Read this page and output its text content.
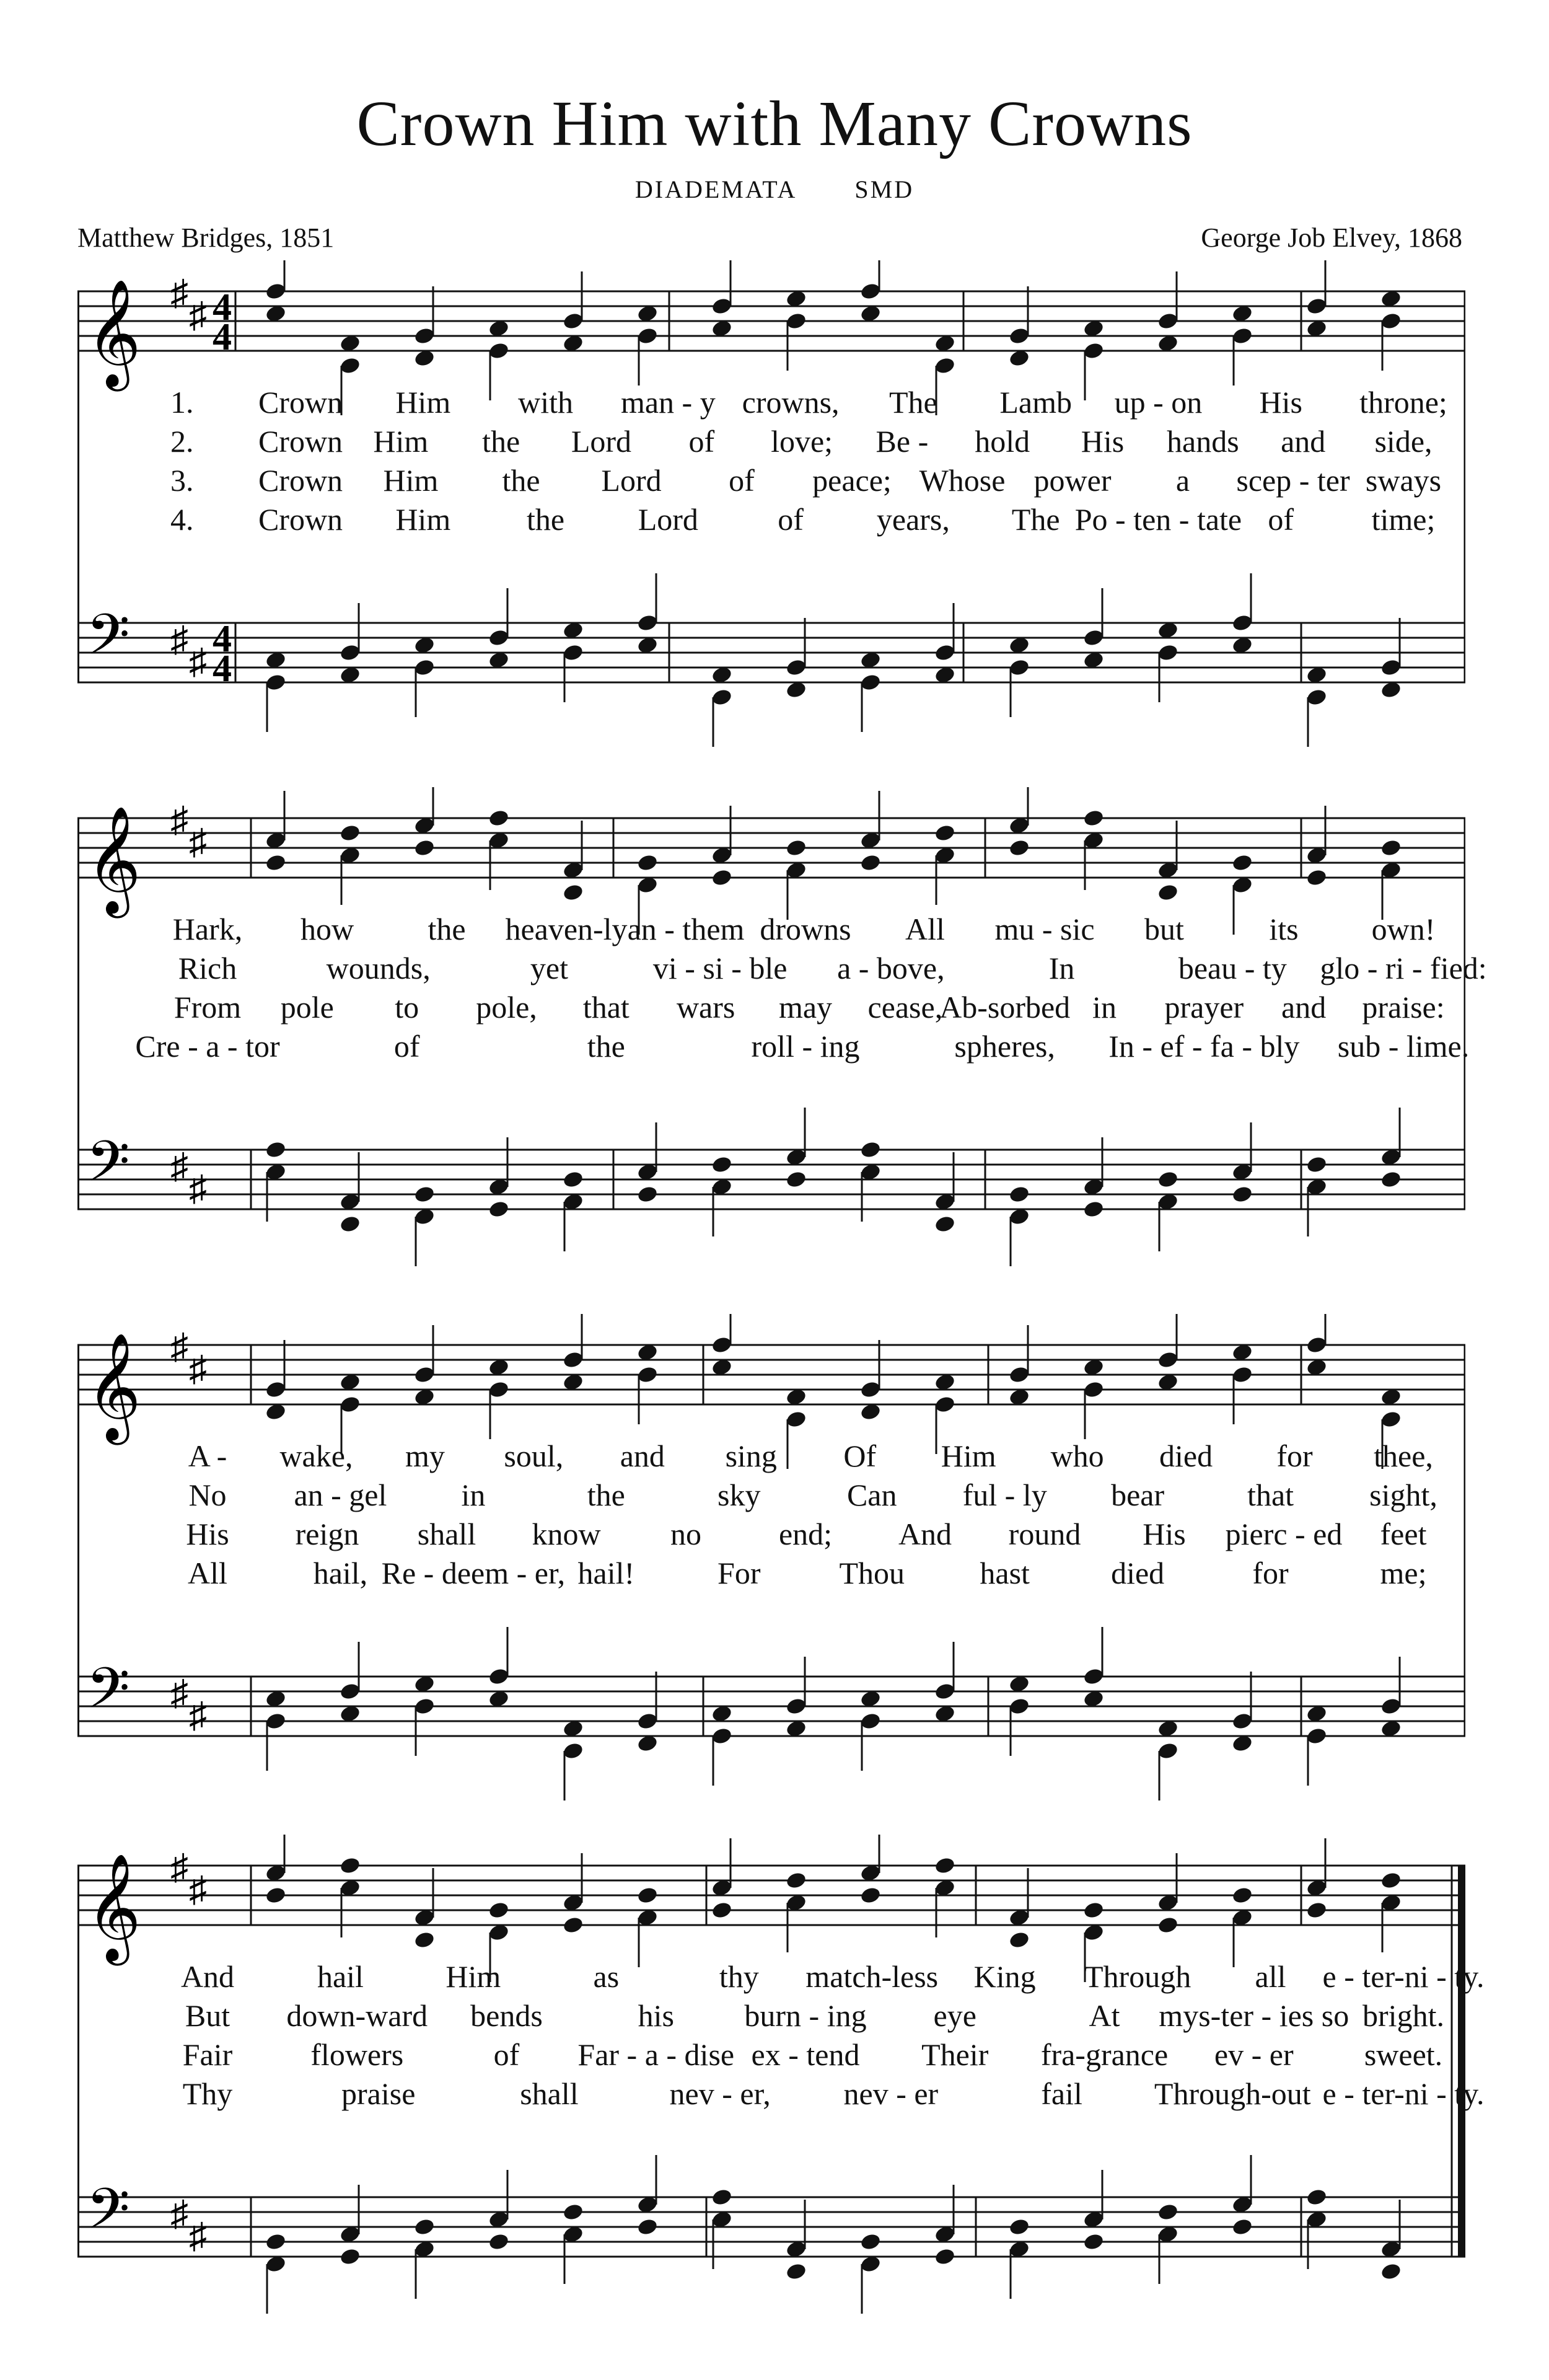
Crown Him with Many Crowns
DIADEMATA SMD
Matthew Bridges, 1851	George Job Elvey, 1868
𝄞 ♯
♯ 4
4
𝄢 ♯
♯
4
4
1. Crown Him with man - y crowns, The Lamb up - on His throne;
2. Crown Him the Lord of love; Be - hold His hands and side,
3. Crown Him the Lord of peace; Whose power a scep - ter sways
4. Crown Him the Lord	of years, The Po - ten - tate of	time;
𝄞 ♯
♯
𝄢 ♯
♯
Hark, how the heaven-ly an - them drowns All mu - sic but	its own!
Rich	wounds,	yet	vi - si - ble a - bove,	In	beau - ty glo - ri - fied:
From pole to pole, that wars may cease,
Ab-sorbed in prayer and praise:
Cre - a - tor	of	the	roll - ing	spheres, In - ef - fa - bly sub - lime.
𝄞 ♯
♯
𝄢 ♯
♯
A - wake, my soul, and sing Of Him who died for thee,
No an - gel in	the	sky	Can ful - ly bear	that sight,
His reign shall know no end; And round His pierc - ed feet
All	hail, Re - deem - er, hail!	For	Thou hast	died	for	me;
𝄞 ♯
♯
𝄢 ♯
♯
And	hail	Him	as	thy match-less King Through all e - ter-ni - ty.
But down-ward bends	his burn - ing eye	At mys-ter - ies so bright.
Fair	flowers	of Far - a - dise ex - tend Their fra-grance ev - er sweet.
Thy	praise	shall	nev - er, nev - er	fail Through-out e - ter-ni - ty.
